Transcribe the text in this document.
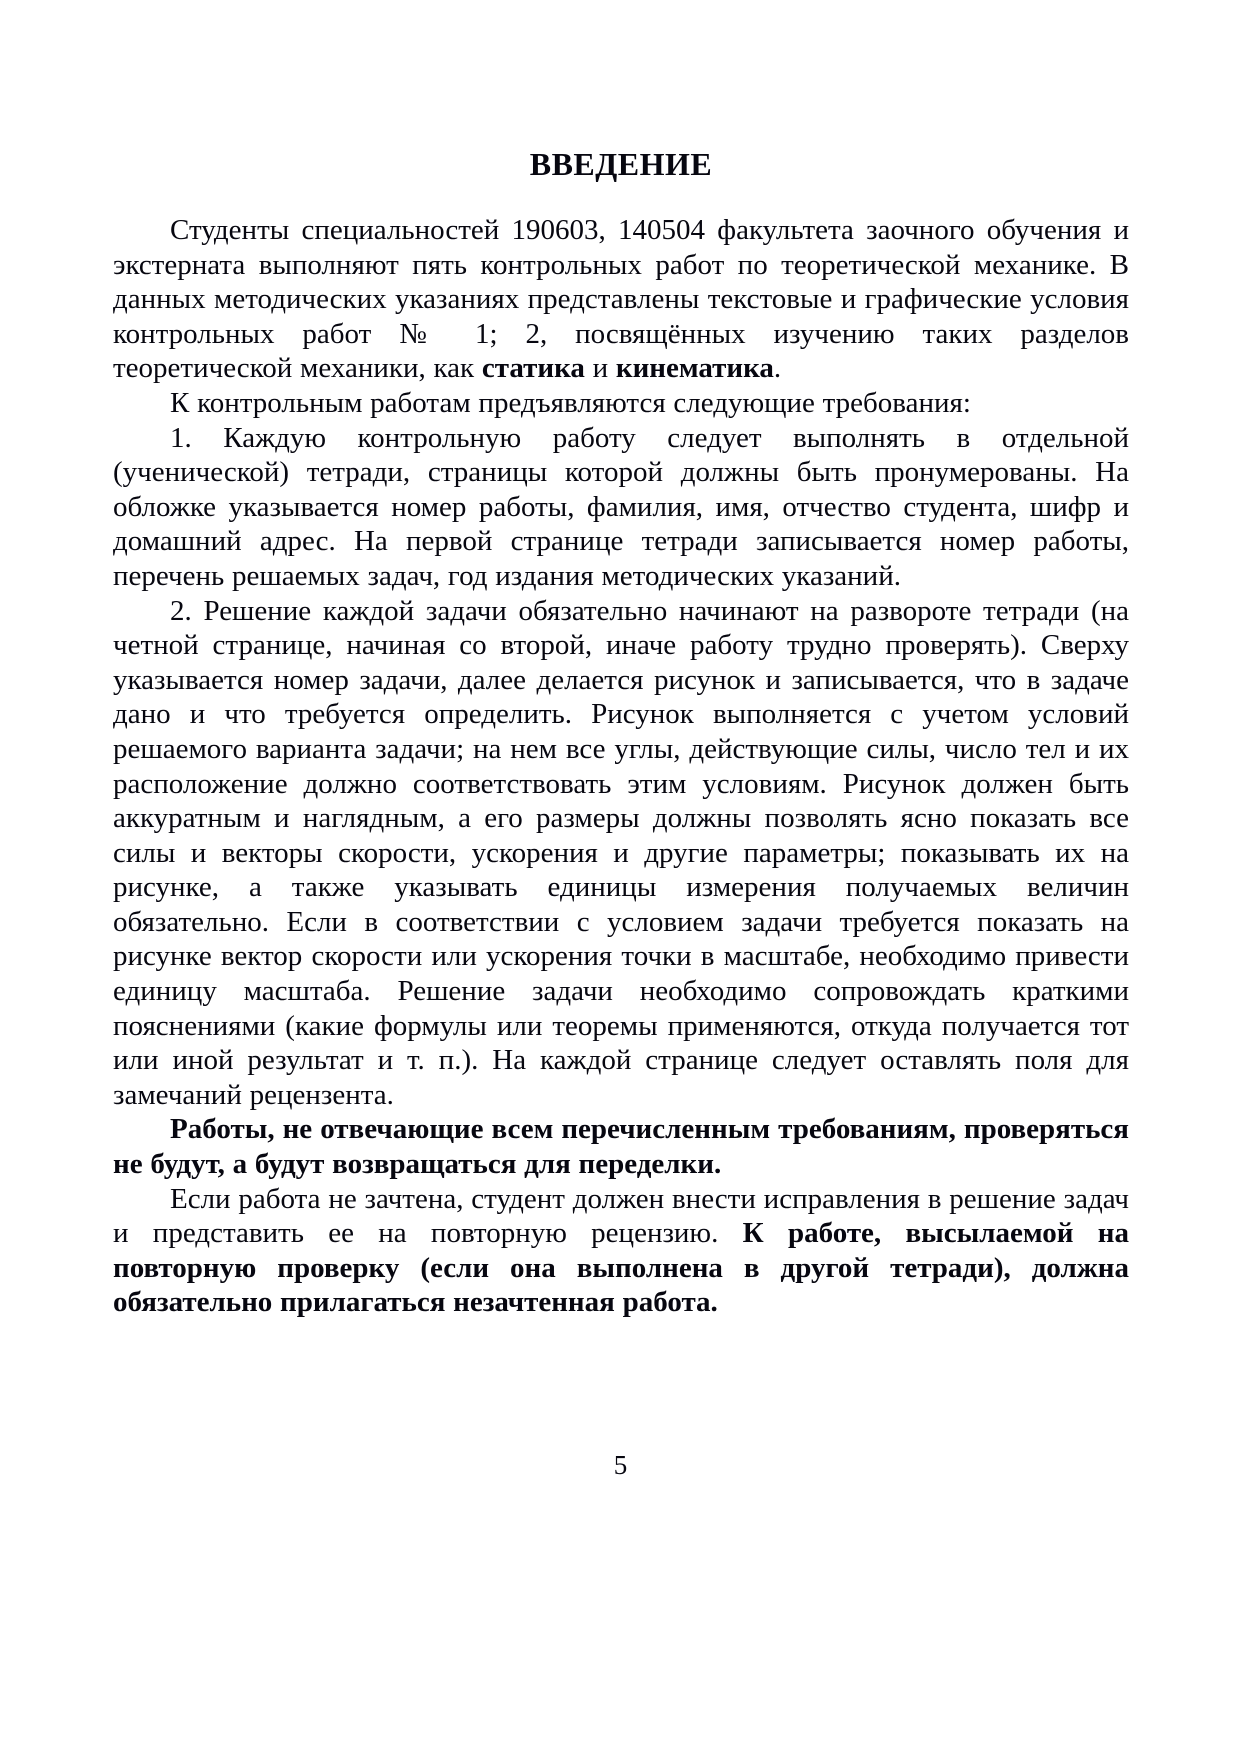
ВВЕДЕНИЕ

Студенты специальностей 190603, 140504 факультета заочного обучения и экстерната выполняют пять контрольных работ по теоретической механике. В данных методических указаниях представлены текстовые и графические условия контрольных работ № 1; 2, посвящённых изучению таких разделов теоретической механики, как статика и кинематика.

К контрольным работам предъявляются следующие требования:

1. Каждую контрольную работу следует выполнять в отдельной (ученической) тетради, страницы которой должны быть пронумерованы. На обложке указывается номер работы, фамилия, имя, отчество студента, шифр и домашний адрес. На первой странице тетради записывается номер работы, перечень решаемых задач, год издания методических указаний.

2. Решение каждой задачи обязательно начинают на развороте тетради (на четной странице, начиная со второй, иначе работу трудно проверять). Сверху указывается номер задачи, далее делается рисунок и записывается, что в задаче дано и что требуется определить. Рисунок выполняется с учетом условий решаемого варианта задачи; на нем все углы, действующие силы, число тел и их расположение должно соответствовать этим условиям. Рисунок должен быть аккуратным и наглядным, а его размеры должны позволять ясно показать все силы и векторы скорости, ускорения и другие параметры; показывать их на рисунке, а также указывать единицы измерения получаемых величин обязательно. Если в соответствии с условием задачи требуется показать на рисунке вектор скорости или ускорения точки в масштабе, необходимо привести единицу масштаба. Решение задачи необходимо сопровождать краткими пояснениями (какие формулы или теоремы применяются, откуда получается тот или иной результат и т. п.). На каждой странице следует оставлять поля для замечаний рецензента.

Работы, не отвечающие всем перечисленным требованиям, проверяться не будут, а будут возвращаться для переделки.

Если работа не зачтена, студент должен внести исправления в решение задач и представить ее на повторную рецензию. К работе, высылаемой на повторную проверку (если она выполнена в другой тетради), должна обязательно прилагаться незачтенная работа.

5
